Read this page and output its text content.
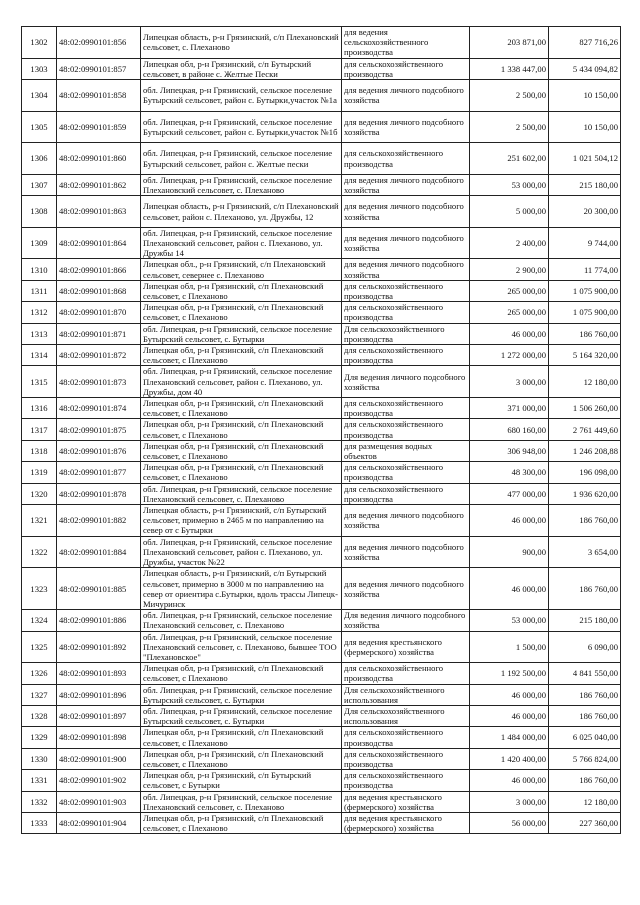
1302	48:02:0990101:856	Липецкая область, р-н Грязинский, с/п Плехановский сельсовет, с. Плеханово	для ведения сельскохозяйственного производства	203 871,00	827 716,26
1303	48:02:0990101:857	Липецкая обл, р-н Грязинский, с/п Бутырский сельсовет, в районе с. Желтые Пески	для сельскохозяйственного производства	1 338 447,00	5 434 094,82
1304	48:02:0990101:858	обл. Липецкая, р-н Грязинский, сельское поселение Бутырский сельсовет, район с. Бутырки,участок №1а	для ведения личного подсобного хозяйства	2 500,00	10 150,00
1305	48:02:0990101:859	обл. Липецкая, р-н Грязинский, сельское поселение Бутырский сельсовет, район с. Бутырки,участок №1б	для ведения личного подсобного хозяйства	2 500,00	10 150,00
1306	48:02:0990101:860	обл. Липецкая, р-н Грязинский, сельское поселение Бутырский сельсовет, район с. Желтые пески	для сельскохозяйственного производства	251 602,00	1 021 504,12
1307	48:02:0990101:862	обл. Липецкая, р-н Грязинский, сельское поселение Плехановский сельсовет, с. Плеханово	для ведения личного подсобного хозяйства	53 000,00	215 180,00
1308	48:02:0990101:863	Липецкая область, р-н Грязинский, с/п Плехановский сельсовет, район с. Плеханово, ул. Дружбы, 12	для ведения личного подсобного хозяйства	5 000,00	20 300,00
1309	48:02:0990101:864	обл. Липецкая, р-н Грязинский, сельское поселение Плехановский сельсовет, район с. Плеханово, ул. Дружбы 14	для ведения личного подсобного хозяйства	2 400,00	9 744,00
1310	48:02:0990101:866	Липецкая обл., р-н Грязинский, с/п Плехановский сельсовет, севернее с. Плеханово	для ведения личного подсобного хозяйства	2 900,00	11 774,00
1311	48:02:0990101:868	Липецкая обл, р-н Грязинский, с/п Плехановский сельсовет, с Плеханово	для сельскохозяйственного производства	265 000,00	1 075 900,00
1312	48:02:0990101:870	Липецкая обл, р-н Грязинский, с/п Плехановский сельсовет, с Плеханово	для сельскохозяйственного производства	265 000,00	1 075 900,00
1313	48:02:0990101:871	обл. Липецкая, р-н Грязинский, сельское поселение Бутырский сельсовет, с. Бутырки	Для сельскохозяйственного производства	46 000,00	186 760,00
1314	48:02:0990101:872	Липецкая обл, р-н Грязинский, с/п Плехановский сельсовет, с Плеханово	для сельскохозяйственного производства	1 272 000,00	5 164 320,00
1315	48:02:0990101:873	обл. Липецкая, р-н Грязинский, сельское поселение Плехановский сельсовет, район с. Плеханово, ул. Дружбы, дом 40	Для ведения личного подсобного хозяйства	3 000,00	12 180,00
1316	48:02:0990101:874	Липецкая обл, р-н Грязинский, с/п Плехановский сельсовет, с Плеханово	для сельскохозяйственного производства	371 000,00	1 506 260,00
1317	48:02:0990101:875	Липецкая обл, р-н Грязинский, с/п Плехановский сельсовет, с Плеханово	для сельскохозяйственного производства	680 160,00	2 761 449,60
1318	48:02:0990101:876	Липецкая обл, р-н Грязинский, с/п Плехановский сельсовет, с Плеханово	для размещения водных объектов	306 948,00	1 246 208,88
1319	48:02:0990101:877	Липецкая обл, р-н Грязинский, с/п Плехановский сельсовет, с Плеханово	для сельскохозяйственного производства	48 300,00	196 098,00
1320	48:02:0990101:878	обл. Липецкая, р-н Грязинский, сельское поселение Плехановский сельсовет, с. Плеханово	для сельскохозяйственного производства	477 000,00	1 936 620,00
1321	48:02:0990101:882	Липецкая область, р-н Грязинский, с/п Бутырский сельсовет, примерно в 2465 м по направлению на север от с Бутырки	для ведения личного подсобного хозяйства	46 000,00	186 760,00
1322	48:02:0990101:884	обл. Липецкая, р-н Грязинский, сельское поселение Плехановский сельсовет, район с. Плеханово, ул. Дружбы, участок №22	для ведения личного подсобного хозяйства	900,00	3 654,00
1323	48:02:0990101:885	Липецкая область, р-н Грязинский, с/п Бутырский сельсовет, примерно в 3000 м по направлению на север от ориентира с.Бутырки, вдоль трассы Липецк-Мичуринск	для ведения личного подсобного хозяйства	46 000,00	186 760,00
1324	48:02:0990101:886	обл. Липецкая, р-н Грязинский, сельское поселение Плехановский сельсовет, с. Плеханово	Для ведения личного подсобного хозяйства	53 000,00	215 180,00
1325	48:02:0990101:892	обл. Липецкая, р-н Грязинский, сельское поселение Плехановский сельсовет, с. Плеханово, бывшее ТОО "Плехановское"	для ведения крестьянского (фермерского) хозяйства	1 500,00	6 090,00
1326	48:02:0990101:893	Липецкая обл, р-н Грязинский, с/п Плехановский сельсовет, с Плеханово	для сельскохозяйственного производства	1 192 500,00	4 841 550,00
1327	48:02:0990101:896	обл. Липецкая, р-н Грязинский, сельское поселение Бутырский сельсовет, с. Бутырки	Для сельскохозяйственного использования	46 000,00	186 760,00
1328	48:02:0990101:897	обл. Липецкая, р-н Грязинский, сельское поселение Бутырский сельсовет, с. Бутырки	Для сельскохозяйственного использования	46 000,00	186 760,00
1329	48:02:0990101:898	Липецкая обл, р-н Грязинский, с/п Плехановский сельсовет, с Плеханово	для сельскохозяйственного производства	1 484 000,00	6 025 040,00
1330	48:02:0990101:900	Липецкая обл, р-н Грязинский, с/п Плехановский сельсовет, с Плеханово	для сельскохозяйственного производства	1 420 400,00	5 766 824,00
1331	48:02:0990101:902	Липецкая обл, р-н Грязинский, с/п Бутырский сельсовет, с Бутырки	для сельскохозяйственного производства	46 000,00	186 760,00
1332	48:02:0990101:903	обл. Липецкая, р-н Грязинский, сельское поселение Плехановский сельсовет, с. Плеханово	для ведения крестьянского (фермерского) хозяйства	3 000,00	12 180,00
1333	48:02:0990101:904	Липецкая обл, р-н Грязинский, с/п Плехановский сельсовет, с Плеханово	для ведения крестьянского (фермерского) хозяйства	56 000,00	227 360,00
